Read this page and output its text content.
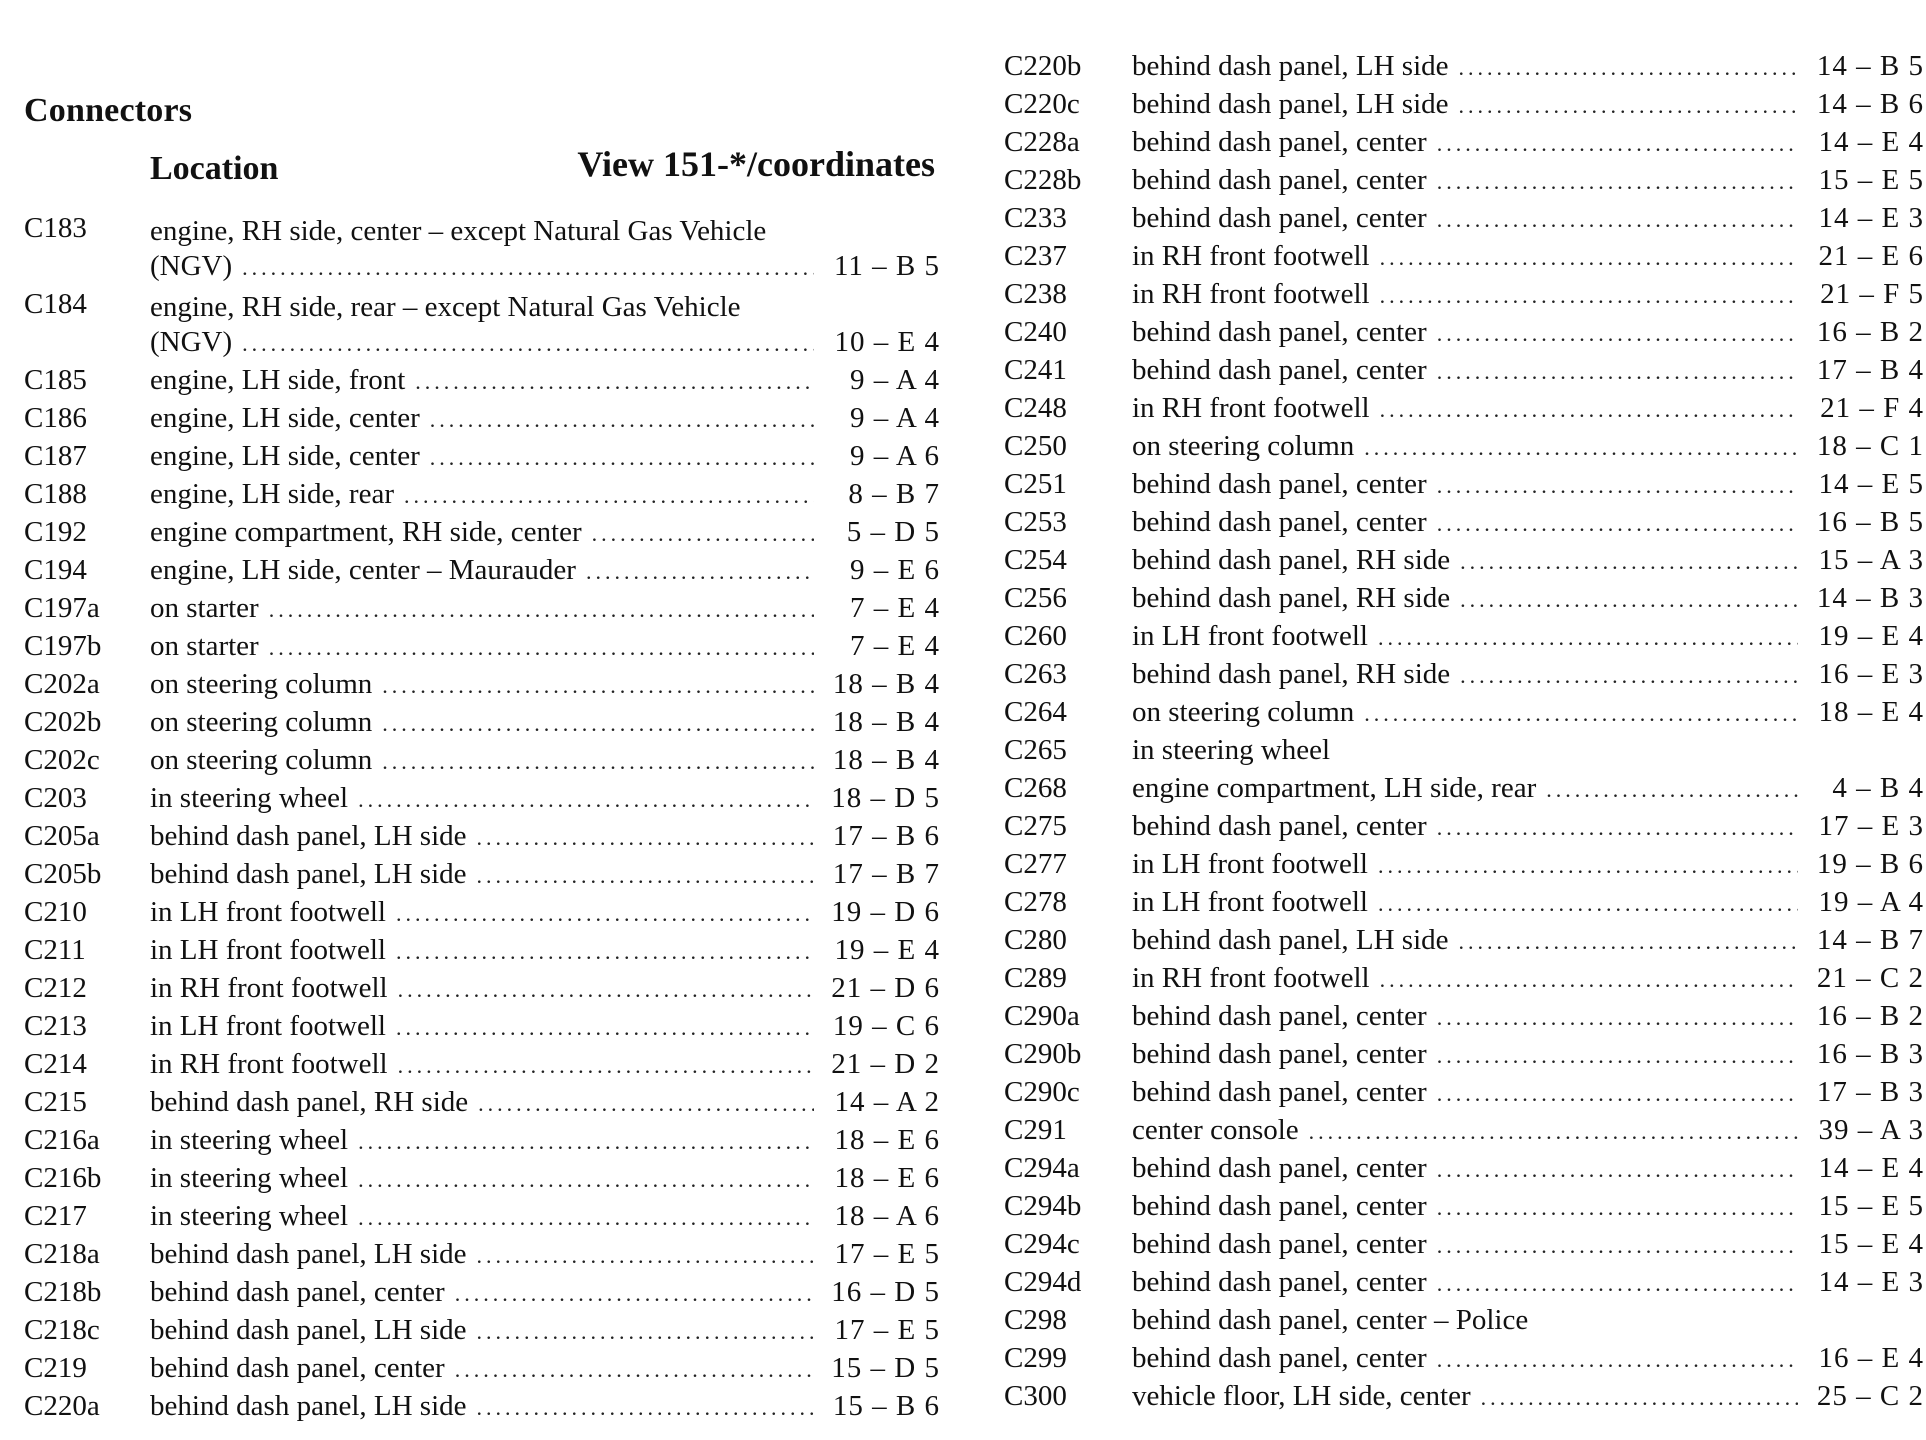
Connectors
Location	View 151-*/coordinates
C183	engine, RH side, center – except Natural Gas Vehicle
(NGV) .....	11 – B 5
C184	engine, RH side, rear – except Natural Gas Vehicle
(NGV) .....	10 – E 4
C185	engine, LH side, front .....	9 – A 4
C186	engine, LH side, center .....	9 – A 4
C187	engine, LH side, center .....	9 – A 6
C188	engine, LH side, rear .....	8 – B 7
C192	engine compartment, RH side, center .....	5 – D 5
C194	engine, LH side, center – Maurauder .....	9 – E 6
C197a	on starter .....	7 – E 4
C197b	on starter .....	7 – E 4
C202a	on steering column .....	18 – B 4
C202b	on steering column .....	18 – B 4
C202c	on steering column .....	18 – B 4
C203	in steering wheel .....	18 – D 5
C205a	behind dash panel, LH side .....	17 – B 6
C205b	behind dash panel, LH side .....	17 – B 7
C210	in LH front footwell .....	19 – D 6
C211	in LH front footwell .....	19 – E 4
C212	in RH front footwell .....	21 – D 6
C213	in LH front footwell .....	19 – C 6
C214	in RH front footwell .....	21 – D 2
C215	behind dash panel, RH side .....	14 – A 2
C216a	in steering wheel .....	18 – E 6
C216b	in steering wheel .....	18 – E 6
C217	in steering wheel .....	18 – A 6
C218a	behind dash panel, LH side .....	17 – E 5
C218b	behind dash panel, center .....	16 – D 5
C218c	behind dash panel, LH side .....	17 – E 5
C219	behind dash panel, center .....	15 – D 5
C220a	behind dash panel, LH side .....	15 – B 6
C220b	behind dash panel, LH side .....	14 – B 5
C220c	behind dash panel, LH side .....	14 – B 6
C228a	behind dash panel, center .....	14 – E 4
C228b	behind dash panel, center .....	15 – E 5
C233	behind dash panel, center .....	14 – E 3
C237	in RH front footwell .....	21 – E 6
C238	in RH front footwell .....	21 – F 5
C240	behind dash panel, center .....	16 – B 2
C241	behind dash panel, center .....	17 – B 4
C248	in RH front footwell .....	21 – F 4
C250	on steering column .....	18 – C 1
C251	behind dash panel, center .....	14 – E 5
C253	behind dash panel, center .....	16 – B 5
C254	behind dash panel, RH side .....	15 – A 3
C256	behind dash panel, RH side .....	14 – B 3
C260	in LH front footwell .....	19 – E 4
C263	behind dash panel, RH side .....	16 – E 3
C264	on steering column .....	18 – E 4
C265	in steering wheel
C268	engine compartment, LH side, rear .....	4 – B 4
C275	behind dash panel, center .....	17 – E 3
C277	in LH front footwell .....	19 – B 6
C278	in LH front footwell .....	19 – A 4
C280	behind dash panel, LH side .....	14 – B 7
C289	in RH front footwell .....	21 – C 2
C290a	behind dash panel, center .....	16 – B 2
C290b	behind dash panel, center .....	16 – B 3
C290c	behind dash panel, center .....	17 – B 3
C291	center console .....	39 – A 3
C294a	behind dash panel, center .....	14 – E 4
C294b	behind dash panel, center .....	15 – E 5
C294c	behind dash panel, center .....	15 – E 4
C294d	behind dash panel, center .....	14 – E 3
C298	behind dash panel, center – Police
C299	behind dash panel, center .....	16 – E 4
C300	vehicle floor, LH side, center .....	25 – C 2
